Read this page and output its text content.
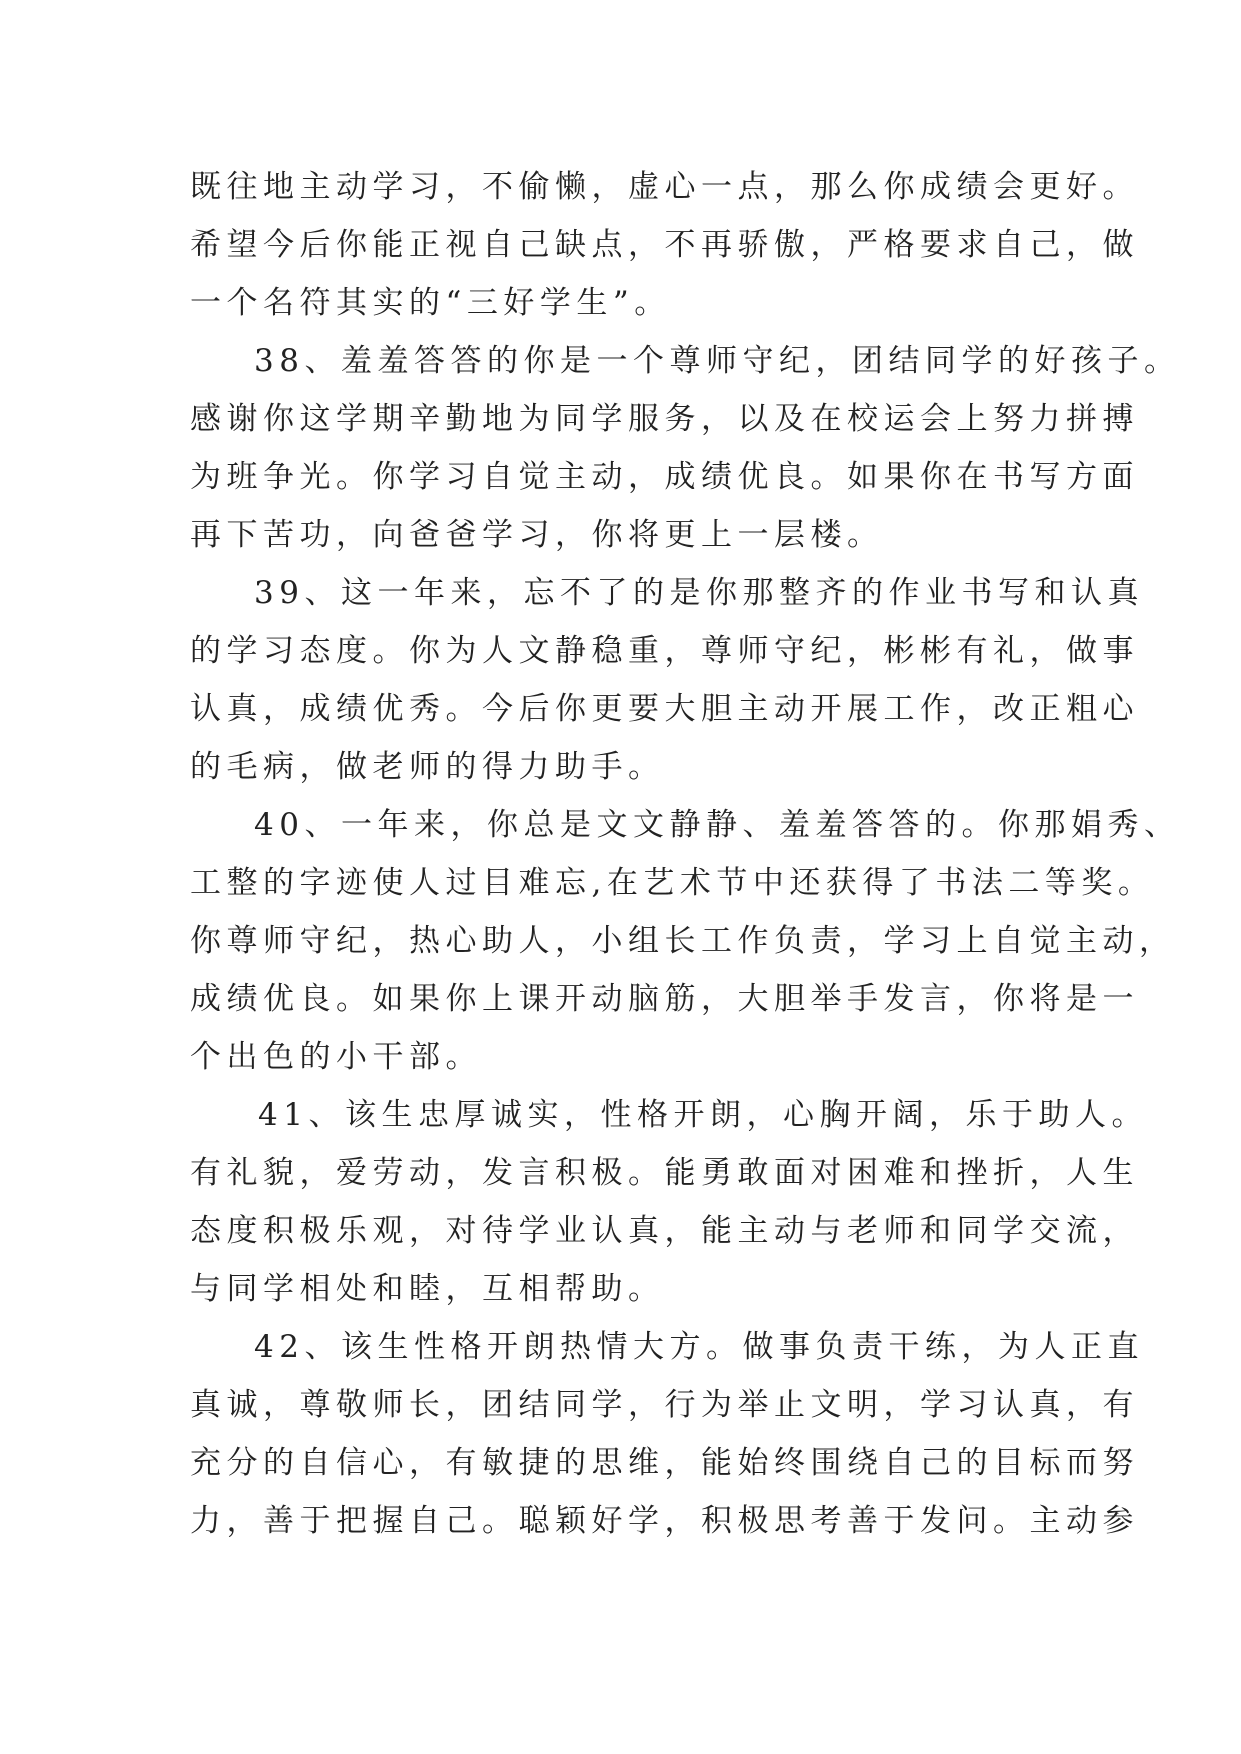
既往地主动学习，不偷懒，虚心一点，那么你成绩会更好。
希望今后你能正视自己缺点，不再骄傲，严格要求自己，做
一个名符其实的“三好学生”。
38、羞羞答答的你是一个尊师守纪，团结同学的好孩子。
感谢你这学期辛勤地为同学服务，以及在校运会上努力拼搏
为班争光。你学习自觉主动，成绩优良。如果你在书写方面
再下苦功，向爸爸学习，你将更上一层楼。
39、这一年来，忘不了的是你那整齐的作业书写和认真
的学习态度。你为人文静稳重，尊师守纪，彬彬有礼，做事
认真，成绩优秀。今后你更要大胆主动开展工作，改正粗心
的毛病，做老师的得力助手。
40、一年来，你总是文文静静、羞羞答答的。你那娟秀、
工整的字迹使人过目难忘,在艺术节中还获得了书法二等奖。
你尊师守纪，热心助人，小组长工作负责，学习上自觉主动，
成绩优良。如果你上课开动脑筋，大胆举手发言，你将是一
个出色的小干部。
41、该生忠厚诚实，性格开朗，心胸开阔，乐于助人。
有礼貌，爱劳动，发言积极。能勇敢面对困难和挫折，人生
态度积极乐观，对待学业认真，能主动与老师和同学交流，
与同学相处和睦，互相帮助。
42、该生性格开朗热情大方。做事负责干练，为人正直
真诚，尊敬师长，团结同学，行为举止文明，学习认真，有
充分的自信心，有敏捷的思维，能始终围绕自己的目标而努
力，善于把握自己。聪颖好学，积极思考善于发问。主动参
